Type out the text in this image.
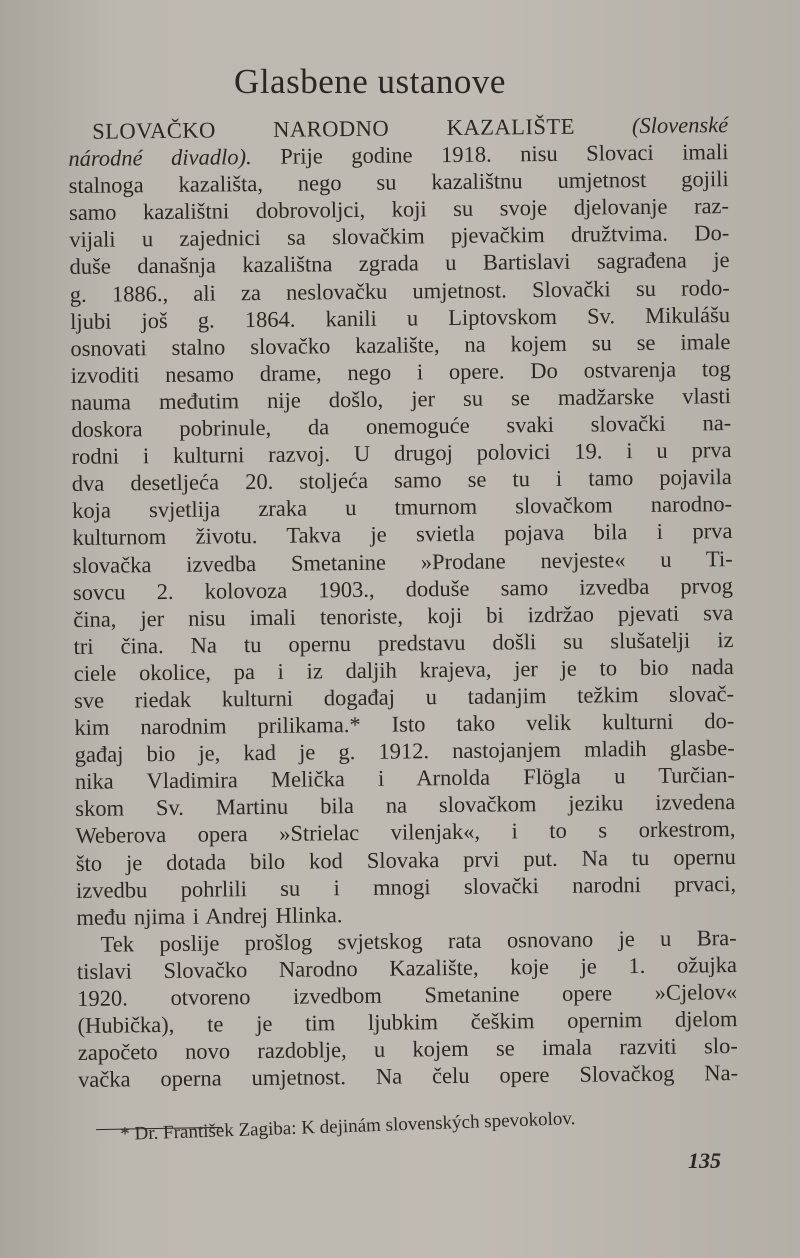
Glasbene ustanove
SLOVAČKO NARODNO KAZALIŠTE	(Slovenské
národné divadlo). Prije godine 1918. nisu Slovaci imali
stalnoga kazališta, nego su kazalištnu umjetnost gojili
samo kazalištni dobrovoljci, koji su svoje djelovanje raz-
vijali u zajednici sa slovačkim pjevačkim družtvima. Do-
duše današnja kazalištna zgrada u Bartislavi sagrađena je
g. 1886., ali za neslovačku umjetnost. Slovački su rodo-
ljubi još g. 1864. kanili u Liptovskom Sv. Mikulášu
osnovati stalno slovačko kazalište, na kojem su se imale
izvoditi nesamo drame, nego i opere. Do ostvarenja tog
nauma međutim nije došlo, jer su se madžarske vlasti
doskora pobrinule, da onemoguće svaki slovački na-
rodni i kulturni razvoj. U drugoj polovici 19. i u prva
dva desetljeća 20. stoljeća samo se tu i tamo pojavila
koja svjetlija zraka u tmurnom slovačkom narodno-
kulturnom životu. Takva je svietla pojava bila i prva
slovačka izvedba Smetanine »Prodane nevjeste« u Ti-
sovcu 2. kolovoza 1903., doduše samo izvedba prvog
čina, jer nisu imali tenoriste, koji bi izdržao pjevati sva
tri čina. Na tu opernu predstavu došli su slušatelji iz
ciele okolice, pa i iz daljih krajeva, jer je to bio nada
sve riedak kulturni događaj u tadanjim težkim slovač-
kim narodnim prilikama.* Isto tako velik kulturni do-
gađaj bio je, kad je g. 1912. nastojanjem mladih glasbe-
nika Vladimira Melička i Arnolda Flögla u Turčian-
skom Sv. Martinu bila na slovačkom jeziku izvedena
Weberova opera »Strielac vilenjak«, i to s orkestrom,
što je dotada bilo kod Slovaka prvi put. Na tu opernu
izvedbu pohrlili su i mnogi slovački narodni prvaci,
među njima i Andrej Hlinka.
Tek poslije prošlog svjetskog rata osnovano je u Bra-
tislavi Slovačko Narodno Kazalište, koje je 1. ožujka
1920. otvoreno izvedbom Smetanine opere »Cjelov«
(Hubička), te je tim ljubkim češkim opernim djelom
započeto novo razdoblje, u kojem se imala razviti slo-
vačka operna umjetnost. Na čelu opere Slovačkog Na-
* Dr. František Zagiba: K dejinám slovenských spevokolov.
135
